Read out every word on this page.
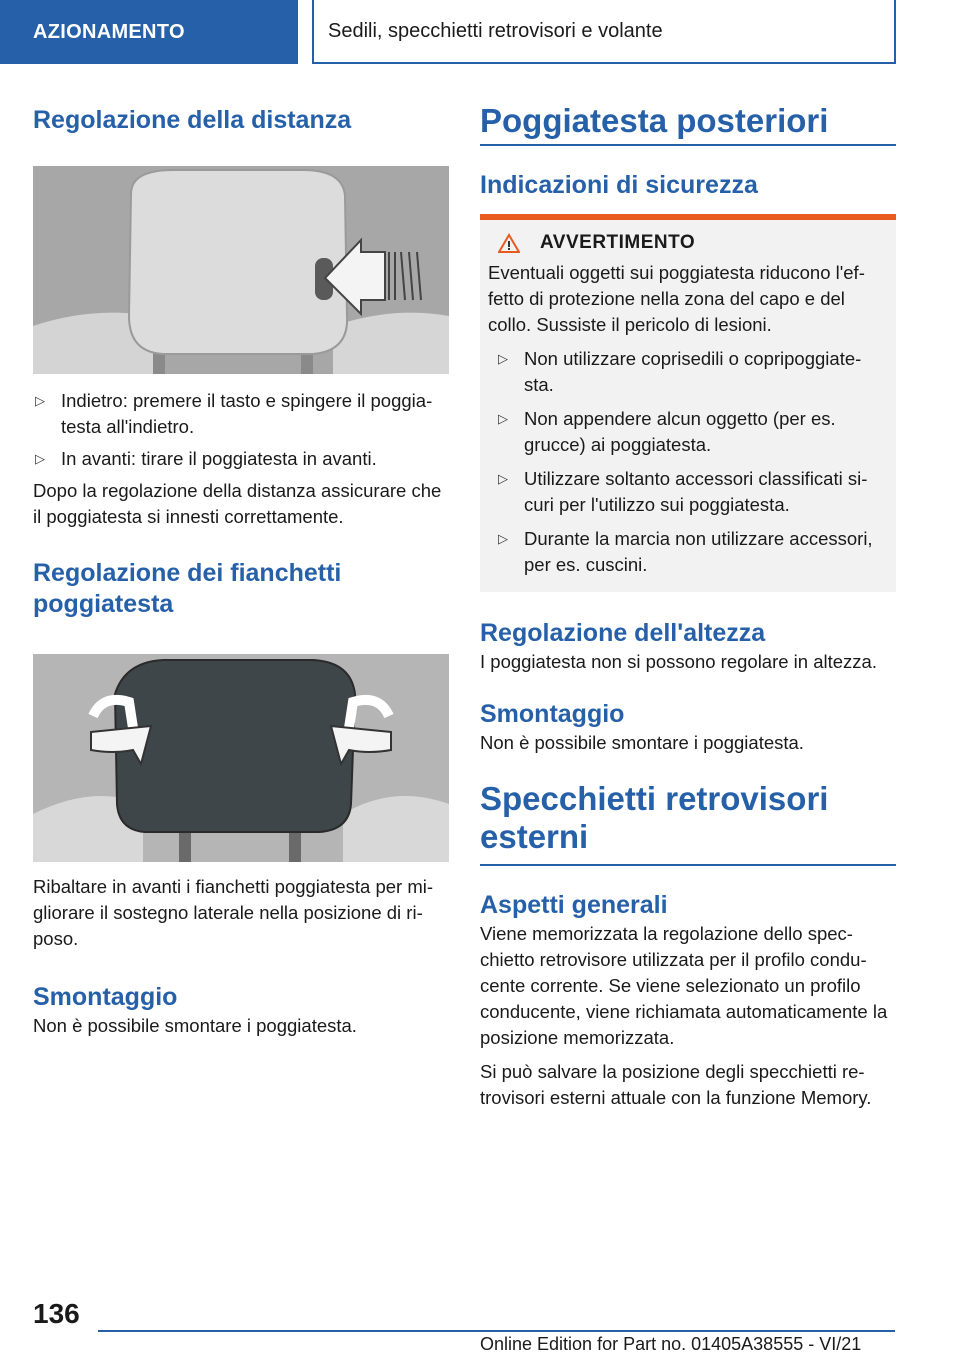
AZIONAMENTO	Sedili, specchietti retrovisori e volante
Regolazione della distanza
▷ Indietro: premere il tasto e spingere il poggia‐testa all'indietro.
▷ In avanti: tirare il poggiatesta in avanti.

Dopo la regolazione della distanza assicurare che il poggiatesta si innesti correttamente.

Regolazione dei fianchetti poggiatesta

Ribaltare in avanti i fianchetti poggiatesta per mi‐gliorare il sostegno laterale nella posizione di ri‐poso.

Smontaggio

Non è possibile smontare i poggiatesta.

Poggiatesta posteriori
Indicazioni di sicurezza
AVVERTIMENTO

Eventuali oggetti sui poggiatesta riducono l'ef‐fetto di protezione nella zona del capo e del collo. Sussiste il pericolo di lesioni.

▷ Non utilizzare coprisedili o copripoggiate‐sta.
▷ Non appendere alcun oggetto (per es. grucce) ai poggiatesta.
▷ Utilizzare soltanto accessori classificati si‐curi per l'utilizzo sui poggiatesta.
▷ Durante la marcia non utilizzare accessori, per es. cuscini.
Regolazione dell'altezza

I poggiatesta non si possono regolare in altezza.

Smontaggio

Non è possibile smontare i poggiatesta.

Specchietti retrovisori esterni
Aspetti generali

Viene memorizzata la regolazione dello spec‐chietto retrovisore utilizzata per il profilo condu‐cente corrente. Se viene selezionato un profilo conducente, viene richiamata automaticamente la posizione memorizzata.

Si può salvare la posizione degli specchietti re‐trovisori esterni attuale con la funzione Memory.

136
Online Edition for Part no. 01405A38555 - VI/21
